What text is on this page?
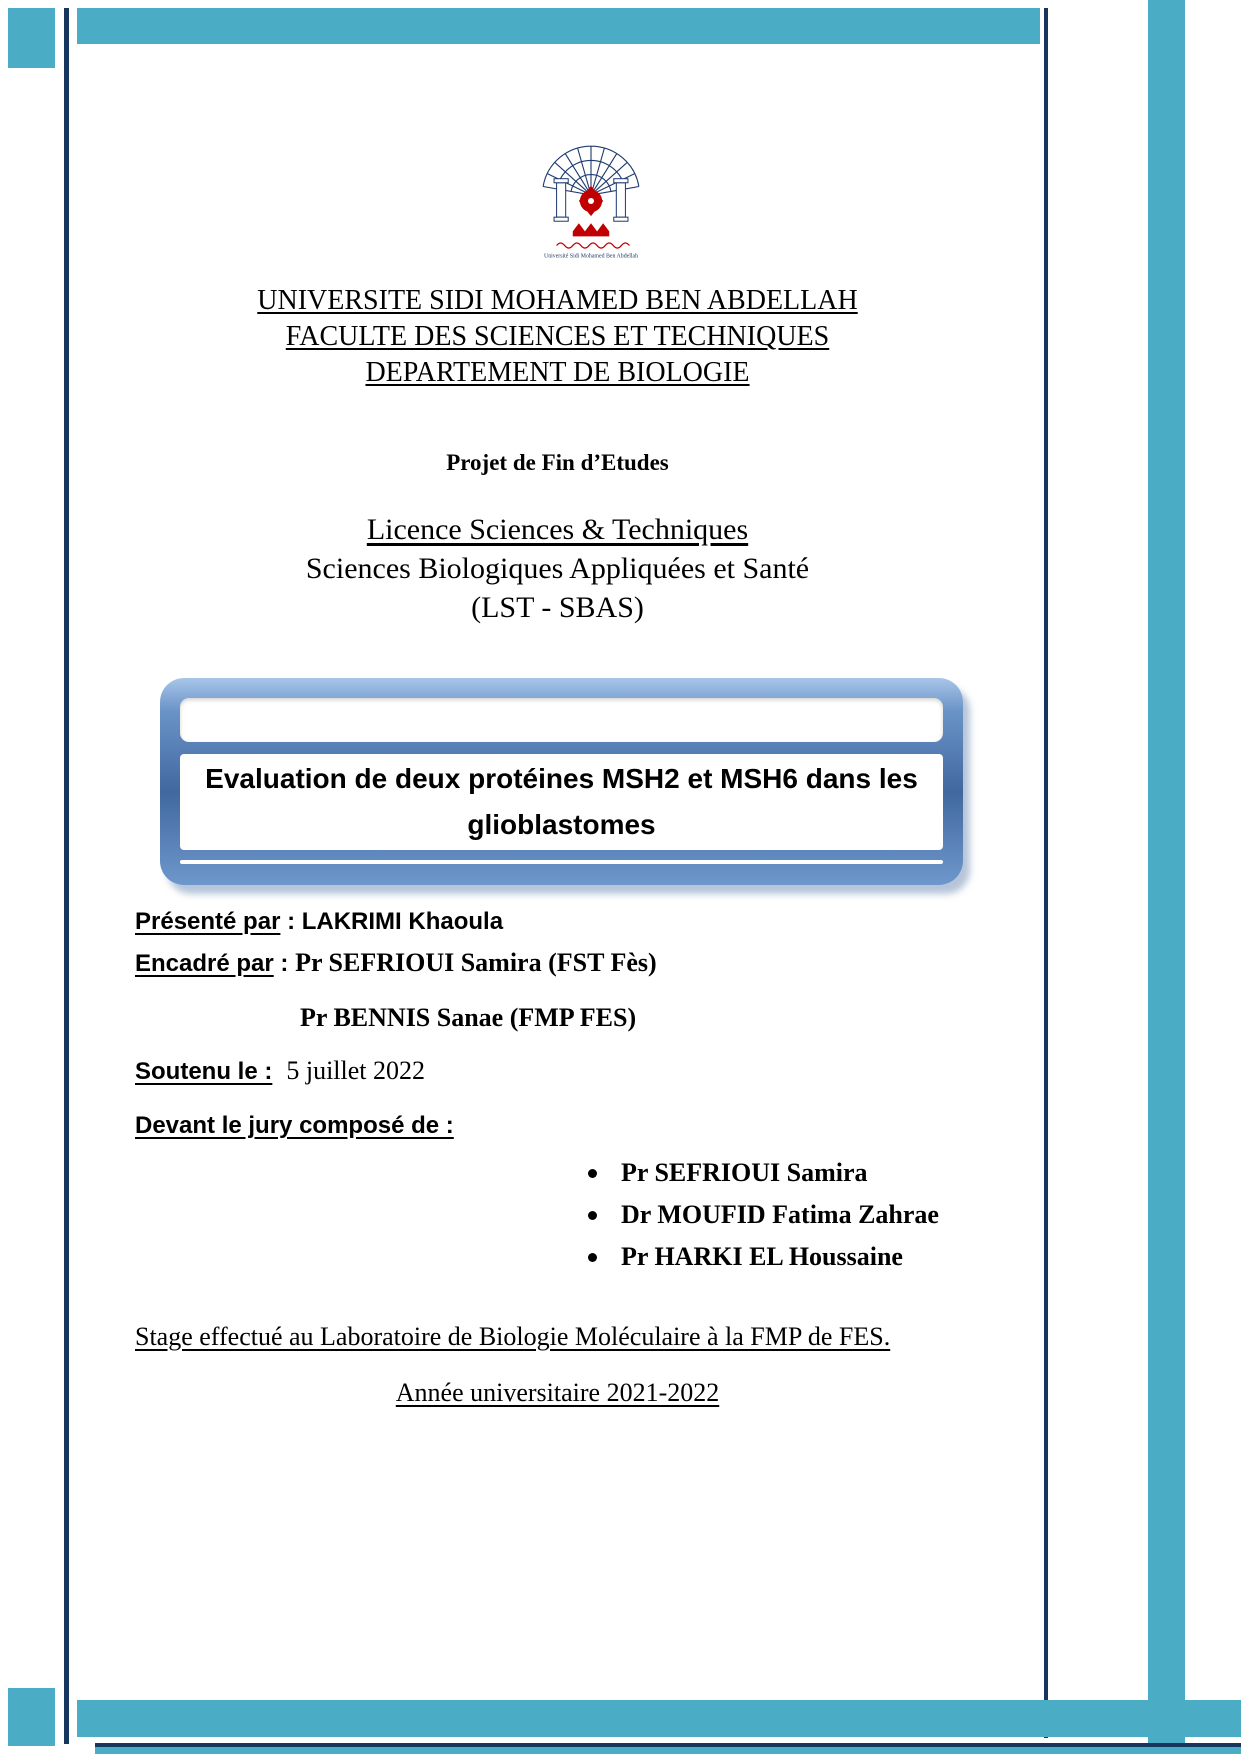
Université Sidi Mohamed Ben Abdellah
UNIVERSITE SIDI MOHAMED BEN ABDELLAH
FACULTE DES SCIENCES ET TECHNIQUES
DEPARTEMENT DE BIOLOGIE
Projet de Fin d’Etudes
Licence Sciences & Techniques
Sciences Biologiques Appliquées et Santé
(LST - SBAS)
Evaluation de deux protéines MSH2 et MSH6 dans les glioblastomes
Présenté par : LAKRIMI Khaoula
Encadré par : Pr SEFRIOUI Samira (FST Fès)
Pr BENNIS Sanae (FMP FES)
Soutenu le : 5 juillet 2022
Devant le jury composé de :
Pr SEFRIOUI Samira
Dr MOUFID Fatima Zahrae
Pr HARKI EL Houssaine
Stage effectué au Laboratoire de Biologie Moléculaire à la FMP de FES.
Année universitaire 2021-2022
